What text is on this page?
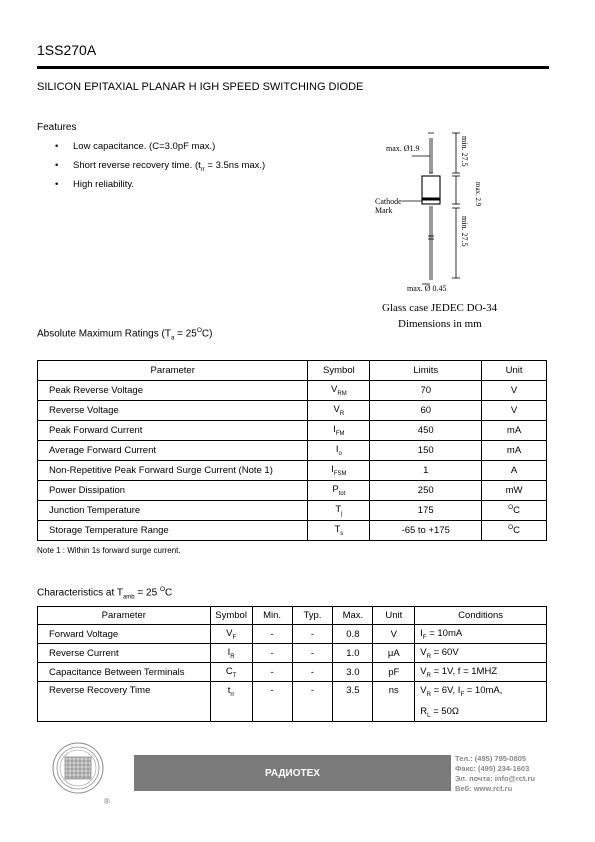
1SS270A
SILICON EPITAXIAL PLANAR H IGH SPEED SWITCHING DIODE
Features
• Low capacitance. (C=3.0pF max.)
• Short reverse recovery time. ($t_{rr} = 3.5ns$ max.)
• High reliability.
max. Ø1.9	min. 27.5
max. 2.9
Cathode
Mark
min. 27.5
max. Ø 0.45
Glass case JEDEC DO-34
Dimensions in mm
Absolute Maximum Ratings $(T_a = 25^OC)$
Parameter	Symbol	Limits	Unit
Peak Reverse Voltage	$V_{RM}$	70	V
Reverse Voltage	$V_R$	60	V
Peak Forward Current	$I_{FM}$	450	mA
Average Forward Current	$I_o$	150	mA
Non-Repetitive Peak Forward Surge Current (Note 1)	$I_{FSM}$	1	A
Power Dissipation	$P_{tot}$	250	mW
Junction Temperature	$T_j$	175	$^O$C
Storage Temperature Range	$T_s$	-65 to +175	$^O$C
Note 1 : Within 1s forward surge current.
Characteristics at $T_{amb} = 25$ $^O$C
Parameter	Symbol	Min.	Typ.	Max.	Unit	Conditions
Forward Voltage	$V_F$	-	-	0.8	V	$I_F = 10mA$

Reverse Current	$I_R$	-	-	1.0	μA	$V_R = 60V$

Capacitance Between Terminals	$C_T$	-	-	3.0	pF	$V_R = 1V$, f = 1MHZ

Reverse Recovery Time	$t_{rr}$	-	-	3.5	ns	$V_R = 6V$, $I_F = 10mA$,
$R_L = 50\Omega$
®
РАДИОТЕХ
Тел.: (495) 795-0805
Факс: (495) 234-1603
Эл. почта: info@rct.ru
Веб: www.rct.ru
